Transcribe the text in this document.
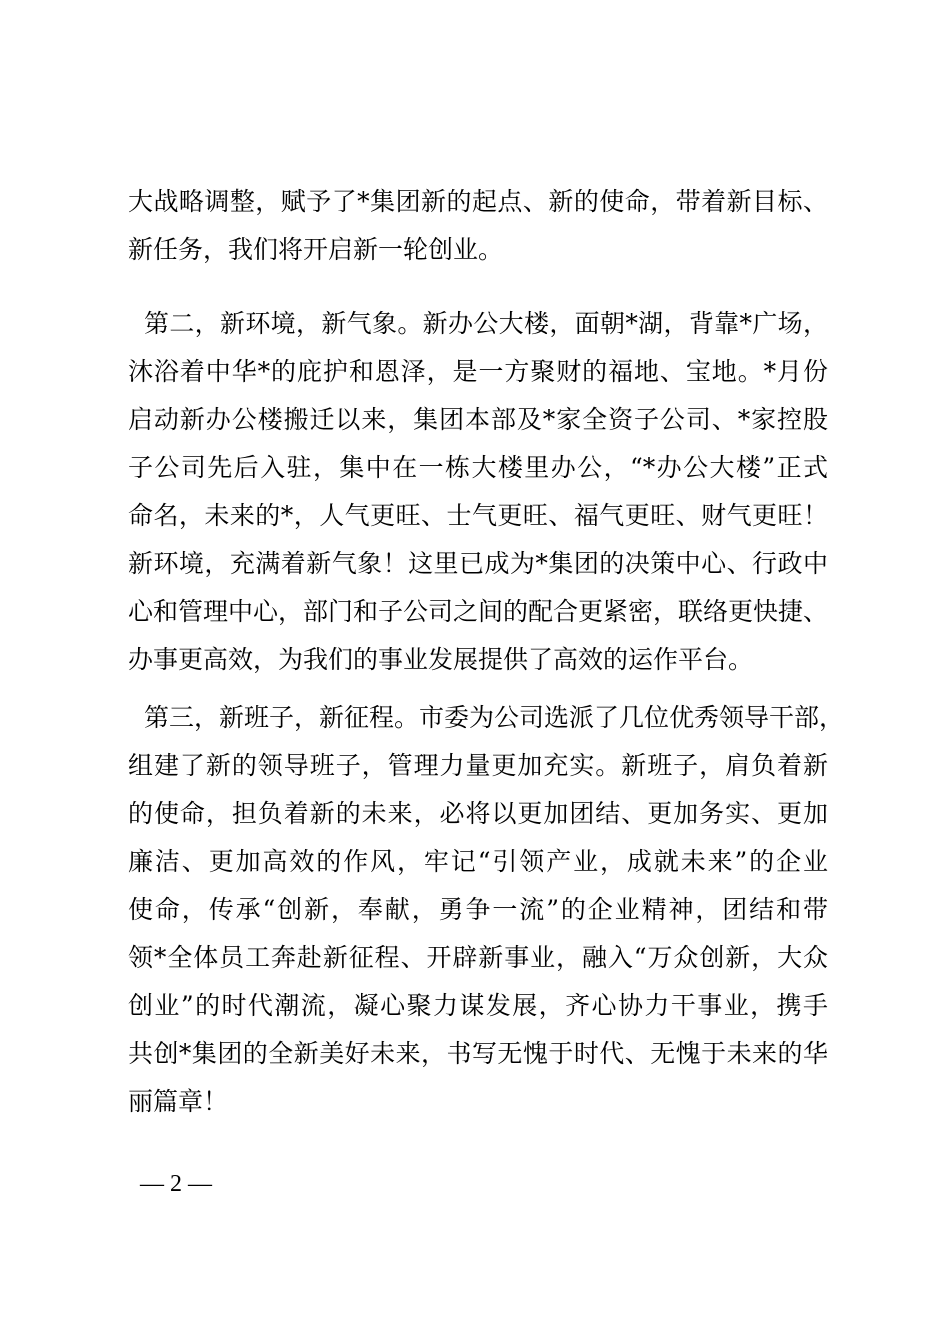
大战略调整，赋予了*集团新的起点、新的使命，带着新目标、
新任务，我们将开启新一轮创业。
第二，新环境，新气象。新办公大楼，面朝*湖，背靠*广场，
沐浴着中华*的庇护和恩泽，是一方聚财的福地、宝地。*月份
启动新办公楼搬迁以来，集团本部及*家全资子公司、*家控股
子公司先后入驻，集中在一栋大楼里办公，“*办公大楼”正式
命名，未来的*，人气更旺、士气更旺、福气更旺、财气更旺！
新环境，充满着新气象！这里已成为*集团的决策中心、行政中
心和管理中心，部门和子公司之间的配合更紧密，联络更快捷、
办事更高效，为我们的事业发展提供了高效的运作平台。
第三，新班子，新征程。市委为公司选派了几位优秀领导干部，
组建了新的领导班子，管理力量更加充实。新班子，肩负着新
的使命，担负着新的未来，必将以更加团结、更加务实、更加
廉洁、更加高效的作风，牢记“引领产业，成就未来”的企业
使命，传承“创新，奉献，勇争一流”的企业精神，团结和带
领*全体员工奔赴新征程、开辟新事业，融入“万众创新，大众
创业”的时代潮流，凝心聚力谋发展，齐心协力干事业，携手
共创*集团的全新美好未来，书写无愧于时代、无愧于未来的华
丽篇章！
— 2 —
